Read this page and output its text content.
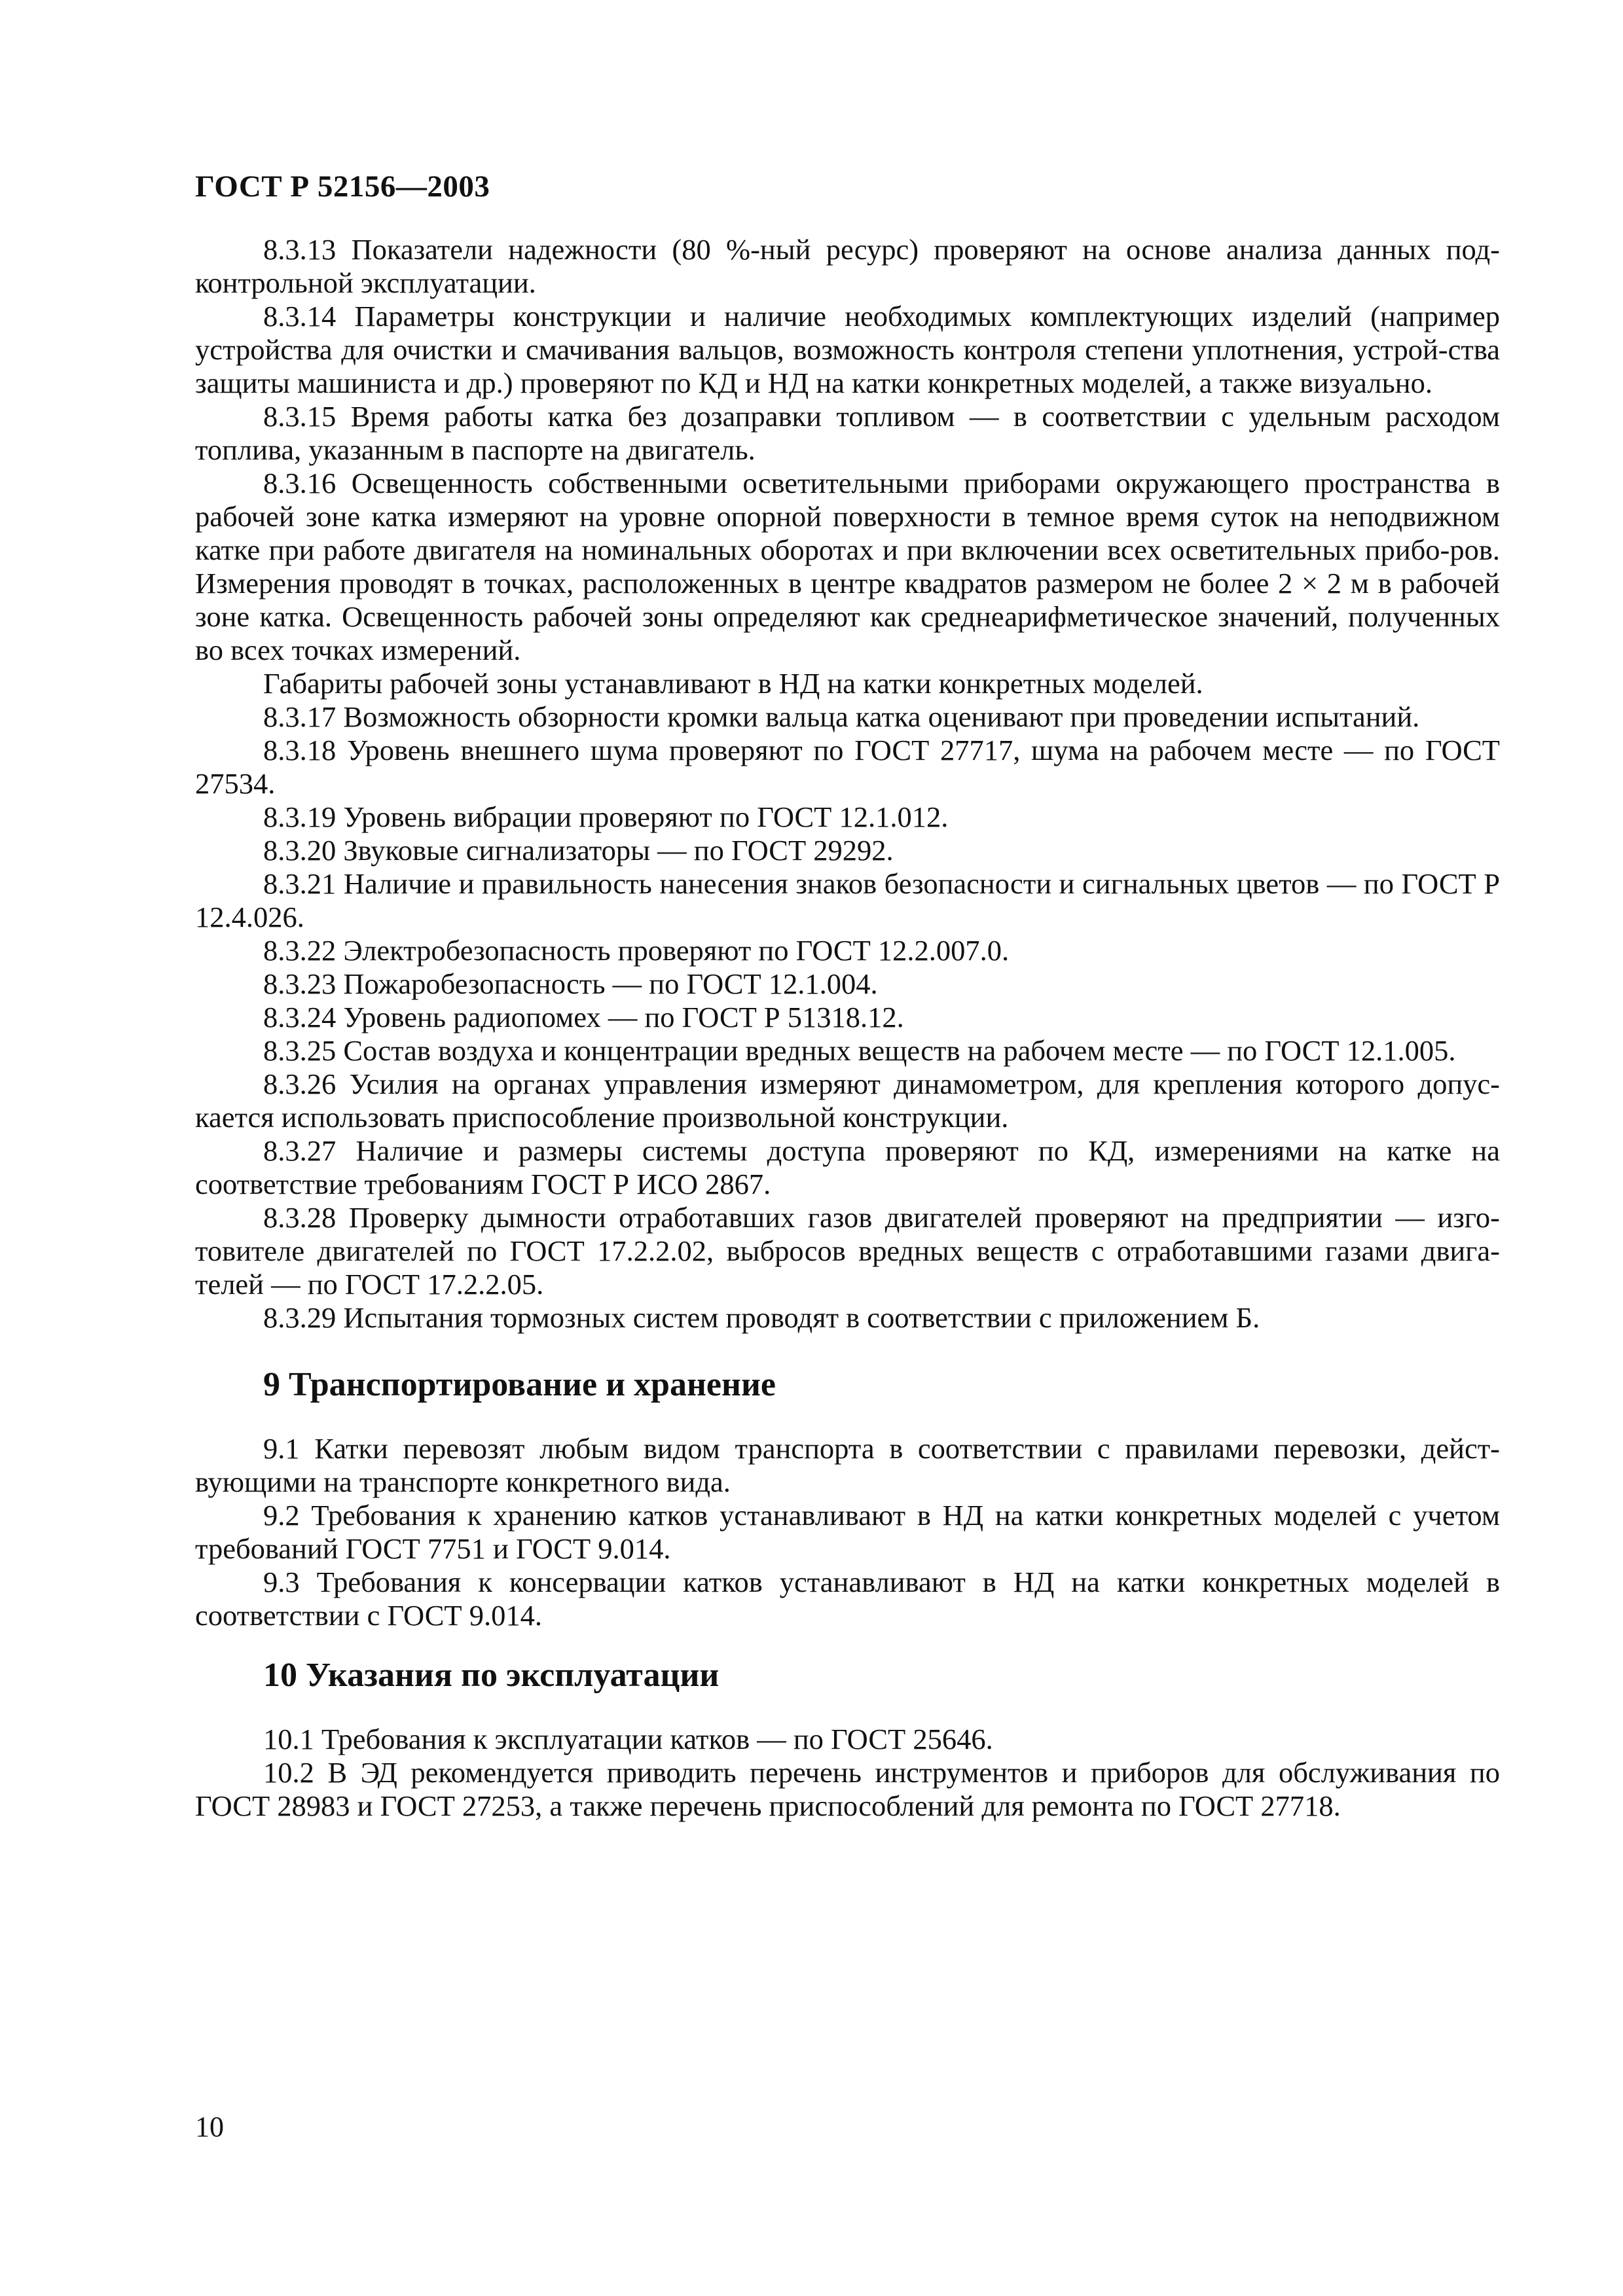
ГОСТ Р 52156—2003

8.3.13 Показатели надежности (80 %-ный ресурс) проверяют на основе анализа данных под-контрольной эксплуатации.

8.3.14 Параметры конструкции и наличие необходимых комплектующих изделий (например устройства для очистки и смачивания вальцов, возможность контроля степени уплотнения, устрой-ства защиты машиниста и др.) проверяют по КД и НД на катки конкретных моделей, а также визуально.

8.3.15 Время работы катка без дозаправки топливом — в соответствии с удельным расходом топлива, указанным в паспорте на двигатель.

8.3.16 Освещенность собственными осветительными приборами окружающего пространства в рабочей зоне катка измеряют на уровне опорной поверхности в темное время суток на неподвижном катке при работе двигателя на номинальных оборотах и при включении всех осветительных прибо-ров. Измерения проводят в точках, расположенных в центре квадратов размером не более 2 × 2 м в рабочей зоне катка. Освещенность рабочей зоны определяют как среднеарифметическое значений, полученных во всех точках измерений.

Габариты рабочей зоны устанавливают в НД на катки конкретных моделей.

8.3.17 Возможность обзорности кромки вальца катка оценивают при проведении испытаний.

8.3.18 Уровень внешнего шума проверяют по ГОСТ 27717, шума на рабочем месте — по ГОСТ 27534.

8.3.19 Уровень вибрации проверяют по ГОСТ 12.1.012.

8.3.20 Звуковые сигнализаторы — по ГОСТ 29292.

8.3.21 Наличие и правильность нанесения знаков безопасности и сигнальных цветов — по ГОСТ Р 12.4.026.

8.3.22 Электробезопасность проверяют по ГОСТ 12.2.007.0.

8.3.23 Пожаробезопасность — по ГОСТ 12.1.004.

8.3.24 Уровень радиопомех — по ГОСТ Р 51318.12.

8.3.25 Состав воздуха и концентрации вредных веществ на рабочем месте — по ГОСТ 12.1.005.

8.3.26 Усилия на органах управления измеряют динамометром, для крепления которого допус-кается использовать приспособление произвольной конструкции.

8.3.27 Наличие и размеры системы доступа проверяют по КД, измерениями на катке на соответствие требованиям ГОСТ Р ИСО 2867.

8.3.28 Проверку дымности отработавших газов двигателей проверяют на предприятии — изго-товителе двигателей по ГОСТ 17.2.2.02, выбросов вредных веществ с отработавшими газами двига-телей — по ГОСТ 17.2.2.05.

8.3.29 Испытания тормозных систем проводят в соответствии с приложением Б.

9 Транспортирование и хранение

9.1 Катки перевозят любым видом транспорта в соответствии с правилами перевозки, дейст-вующими на транспорте конкретного вида.

9.2 Требования к хранению катков устанавливают в НД на катки конкретных моделей с учетом требований ГОСТ 7751 и ГОСТ 9.014.

9.3 Требования к консервации катков устанавливают в НД на катки конкретных моделей в соответствии с ГОСТ 9.014.

10 Указания по эксплуатации

10.1 Требования к эксплуатации катков — по ГОСТ 25646.

10.2 В ЭД рекомендуется приводить перечень инструментов и приборов для обслуживания по ГОСТ 28983 и ГОСТ 27253, а также перечень приспособлений для ремонта по ГОСТ 27718.

10
